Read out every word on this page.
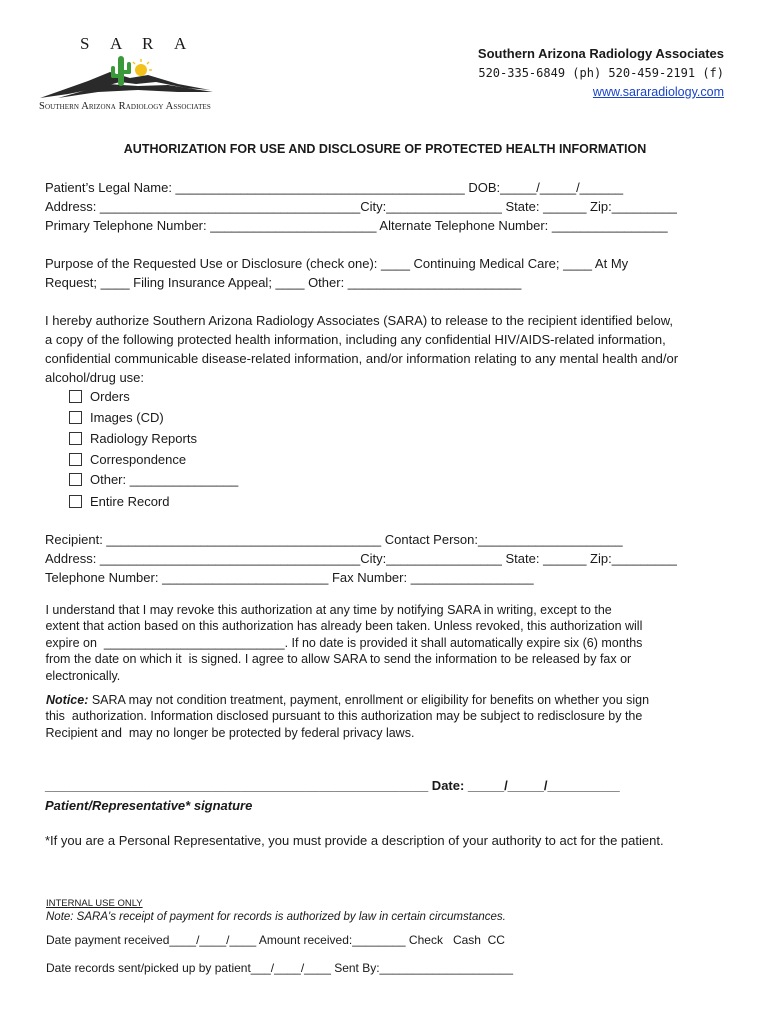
S A R A
Southern Arizona Radiology Associates
Southern Arizona Radiology Associates
520-335-6849 (ph) 520-459-2191 (f)
www.sararadiology.com
AUTHORIZATION FOR USE AND DISCLOSURE OF PROTECTED HEALTH INFORMATION
Patient’s Legal Name: ________________________________________ DOB:_____/_____/______
Address: ____________________________________City:________________ State: ______ Zip:_________
Primary Telephone Number: _______________________ Alternate Telephone Number: ________________
Purpose of the Requested Use or Disclosure (check one): ____ Continuing Medical Care; ____ At My
Request; ____ Filing Insurance Appeal; ____ Other: ________________________
I hereby authorize Southern Arizona Radiology Associates (SARA) to release to the recipient identified below,
a copy of the following protected health information, including any confidential HIV/AIDS-related information,
confidential communicable disease-related information, and/or information relating to any mental health and/or
alcohol/drug use:
Orders
Images (CD)
Radiology Reports
Correspondence
Other: _______________
Entire Record
Recipient: ______________________________________ Contact Person:____________________
Address: ____________________________________City:________________ State: ______ Zip:_________
Telephone Number: _______________________ Fax Number: _________________
I understand that I may revoke this authorization at any time by notifying SARA in writing, except to the
extent that action based on this authorization has already been taken. Unless revoked, this authorization will
expire on  __________________________. If no date is provided it shall automatically expire six (6) months
from the date on which it  is signed. I agree to allow SARA to send the information to be released by fax or
electronically.
Notice: SARA may not condition treatment, payment, enrollment or eligibility for benefits on whether you sign
this  authorization. Information disclosed pursuant to this authorization may be subject to redisclosure by the
Recipient and  may no longer be protected by federal privacy laws.
_____________________________________________________ Date: _____/_____/__________
Patient/Representative* signature
*If you are a Personal Representative, you must provide a description of your authority to act for the patient.
INTERNAL USE ONLY
Note: SARA's receipt of payment for records is authorized by law in certain circumstances.
Date payment received____/____/____ Amount received:________ Check   Cash  CC
Date records sent/picked up by patient___/____/____ Sent By:____________________
